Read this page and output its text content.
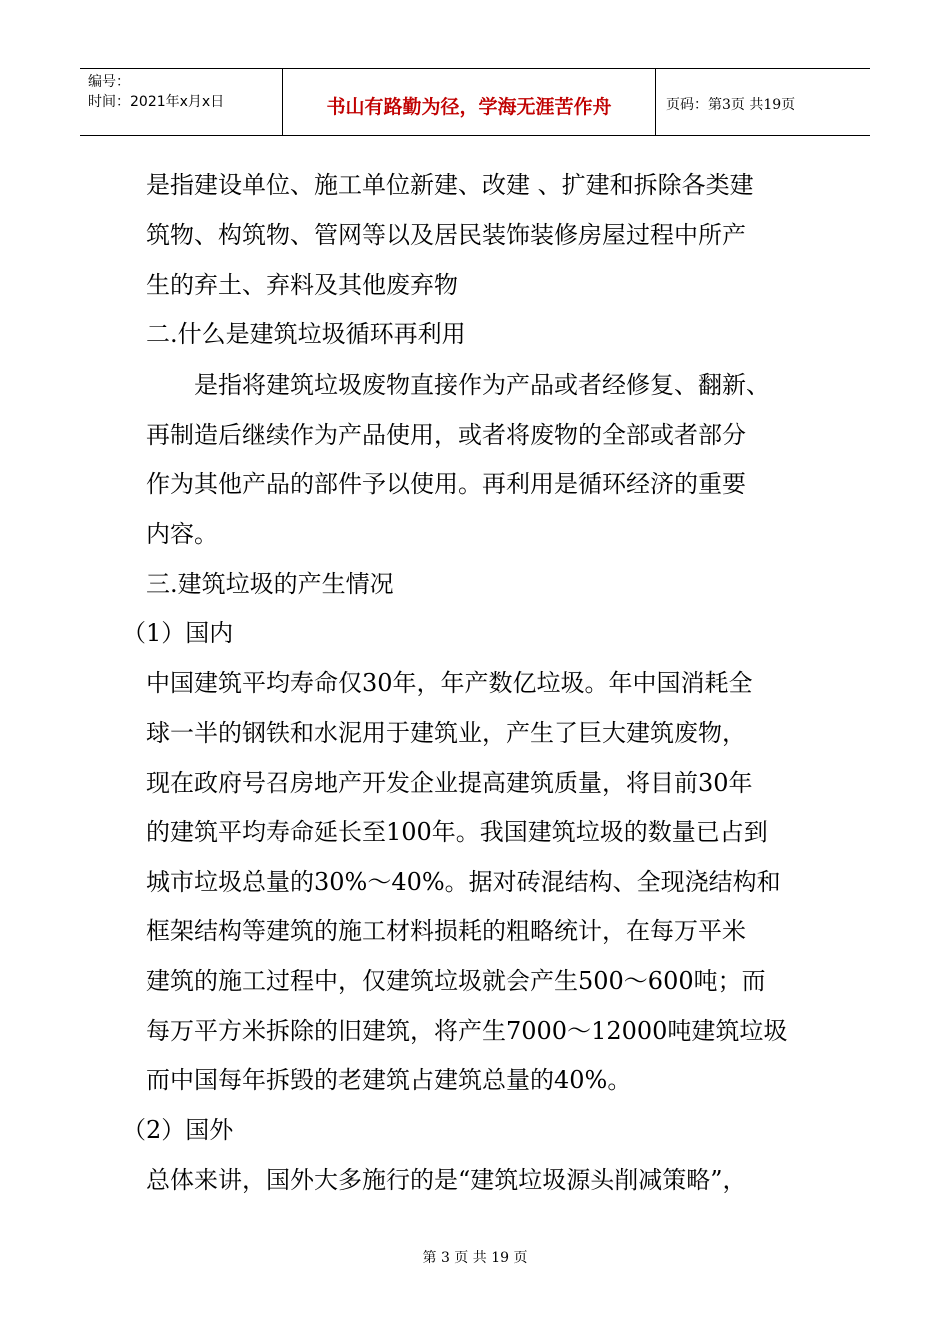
编号：
时间：2021年x月x日	书山有路勤为径，学海无涯苦作舟	页码：第3页 共19页
是指建设单位、施工单位新建、改建 、扩建和拆除各类建
筑物、构筑物、管网等以及居民装饰装修房屋过程中所产
生的弃土、弃料及其他废弃物
二.什么是建筑垃圾循环再利用
是指将建筑垃圾废物直接作为产品或者经修复、翻新、
再制造后继续作为产品使用，或者将废物的全部或者部分
作为其他产品的部件予以使用。再利用是循环经济的重要
内容。
三.建筑垃圾的产生情况
（1）国内
中国建筑平均寿命仅30年，年产数亿垃圾。年中国消耗全
球一半的钢铁和水泥用于建筑业，产生了巨大建筑废物，
现在政府号召房地产开发企业提高建筑质量，将目前30年
的建筑平均寿命延长至100年。我国建筑垃圾的数量已占到
城市垃圾总量的30%～40%。据对砖混结构、全现浇结构和
框架结构等建筑的施工材料损耗的粗略统计，在每万平米
建筑的施工过程中，仅建筑垃圾就会产生500～600吨；而
每万平方米拆除的旧建筑，将产生7000～12000吨建筑垃圾
而中国每年拆毁的老建筑占建筑总量的40%。
（2）国外
总体来讲，国外大多施行的是“建筑垃圾源头削减策略”，
第 3 页 共 19 页
